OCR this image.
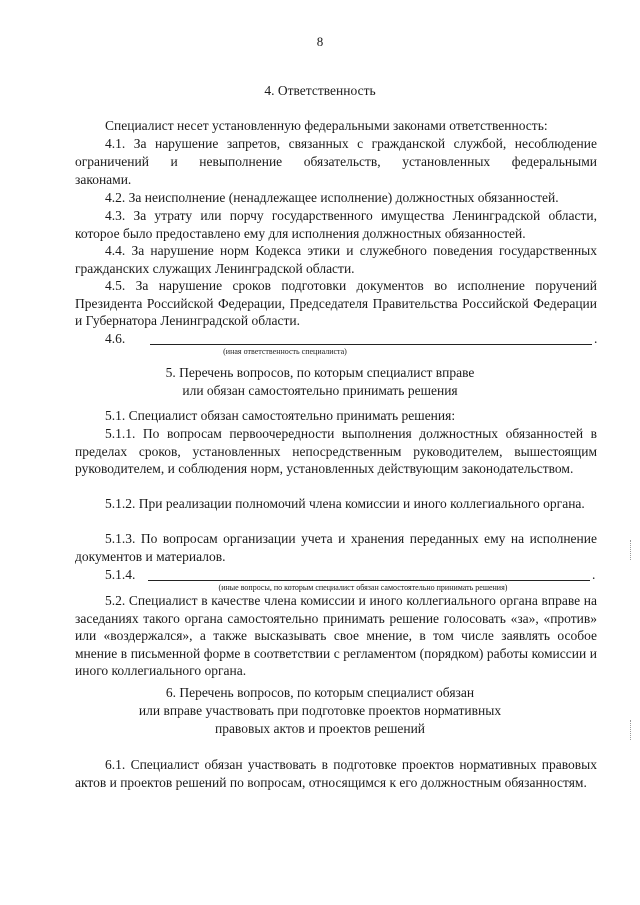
8
4. Ответственность
Специалист несет установленную федеральными законами ответственность:
4.1. За нарушение запретов, связанных с гражданской службой, несоблюдение
ограничений и невыполнение обязательств, установленных федеральными
законами.
4.2. За неисполнение (ненадлежащее исполнение) должностных обязанностей.
4.3. За утрату или порчу государственного имущества Ленинградской области, которое было предоставлено ему для исполнения должностных обязанностей.
4.4. За нарушение норм Кодекса этики и служебного поведения государственных гражданских служащих Ленинградской области.
4.5. За нарушение сроков подготовки документов во исполнение поручений Президента Российской Федерации, Председателя Правительства Российской Федерации и Губернатора Ленинградской области.
4.6.	.
(иная ответственность специалиста)
5. Перечень вопросов, по которым специалист вправе
или обязан самостоятельно принимать решения
5.1. Специалист обязан самостоятельно принимать решения:
5.1.1. По вопросам первоочередности выполнения должностных обязанностей в пределах сроков, установленных непосредственным руководителем, вышестоящим руководителем, и соблюдения норм, установленных действующим законодательством.
5.1.2. При реализации полномочий члена комиссии и иного коллегиального органа.
5.1.3. По вопросам организации учета и хранения переданных ему на исполнение документов и материалов.
5.1.4.	.
(иные вопросы, по которым специалист обязан самостоятельно принимать решения)
5.2. Специалист в качестве члена комиссии и иного коллегиального органа вправе на заседаниях такого органа самостоятельно принимать решение голосовать «за», «против» или «воздержался», а также высказывать свое мнение, в том числе заявлять особое мнение в письменной форме в соответствии с регламентом (порядком) работы комиссии и иного коллегиального органа.
6. Перечень вопросов, по которым специалист обязан
или вправе участвовать при подготовке проектов нормативных
правовых актов и проектов решений
6.1. Специалист обязан участвовать в подготовке проектов нормативных правовых актов и проектов решений по вопросам, относящимся к его должностным обязанностям.
